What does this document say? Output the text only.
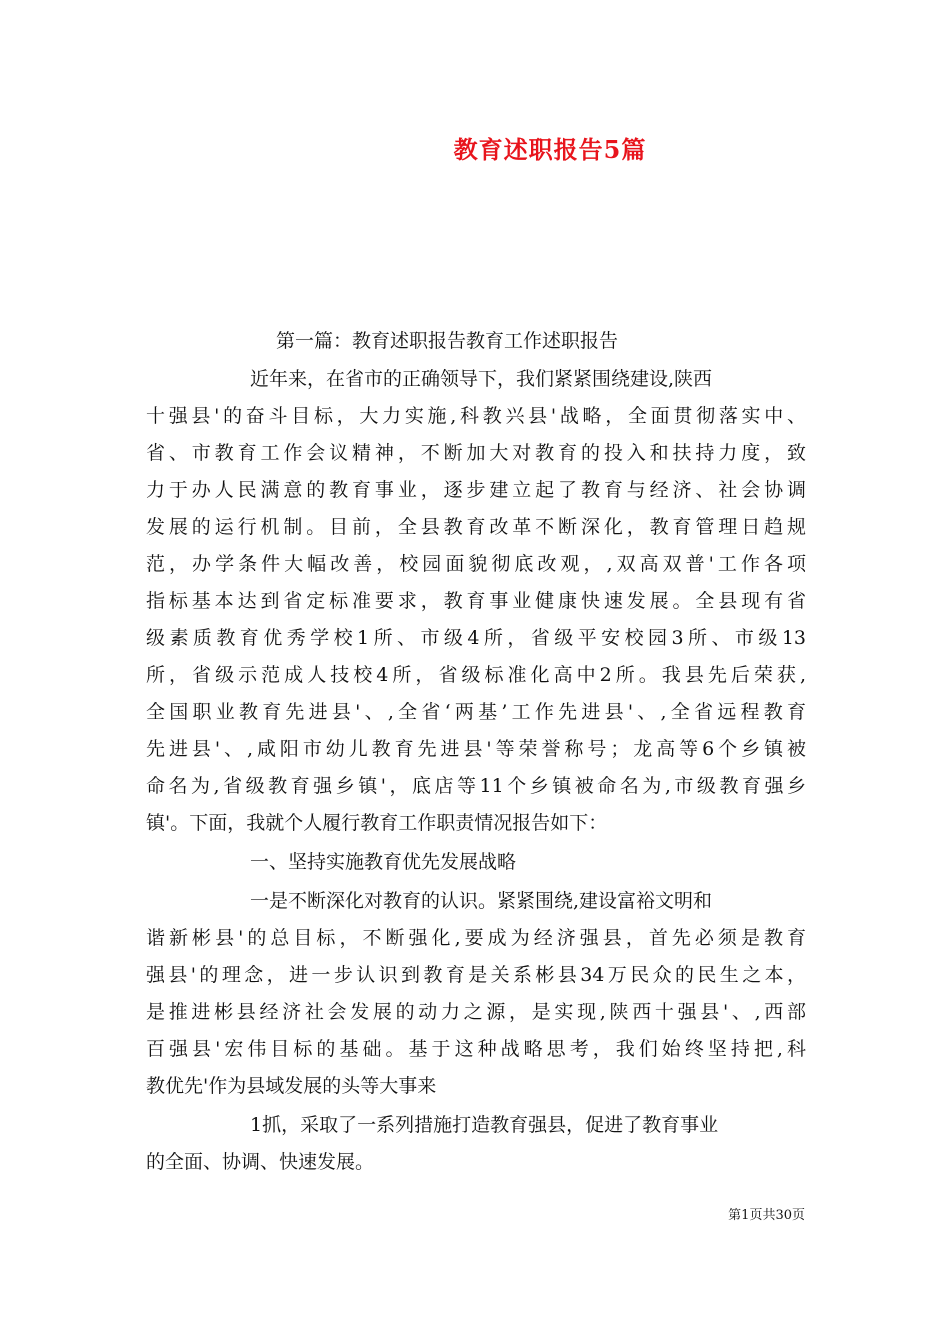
教育述职报告5篇
第一篇：教育述职报告教育工作述职报告
近年来，在省市的正确领导下，我们紧紧围绕建设,陕西
十强县'的奋斗目标，大力实施,科教兴县'战略，全面贯彻落实中、
省、市教育工作会议精神，不断加大对教育的投入和扶持力度，致
力于办人民满意的教育事业，逐步建立起了教育与经济、社会协调
发展的运行机制。目前，全县教育改革不断深化，教育管理日趋规
范，办学条件大幅改善，校园面貌彻底改观，,双高双普'工作各项
指标基本达到省定标准要求，教育事业健康快速发展。全县现有省
级素质教育优秀学校1所、市级4所，省级平安校园3所、市级13
所，省级示范成人技校4所，省级标准化高中2所。我县先后荣获,
全国职业教育先进县'、,全省‘两基’工作先进县'、,全省远程教育
先进县'、,咸阳市幼儿教育先进县'等荣誉称号；龙高等6个乡镇被
命名为,省级教育强乡镇'，底店等11个乡镇被命名为,市级教育强乡
镇'。下面，我就个人履行教育工作职责情况报告如下：
一、坚持实施教育优先发展战略
一是不断深化对教育的认识。紧紧围绕,建设富裕文明和
谐新彬县'的总目标，不断强化,要成为经济强县，首先必须是教育
强县'的理念，进一步认识到教育是关系彬县34万民众的民生之本，
是推进彬县经济社会发展的动力之源，是实现,陕西十强县'、,西部
百强县'宏伟目标的基础。基于这种战略思考，我们始终坚持把,科
教优先'作为县域发展的头等大事来
1抓，采取了一系列措施打造教育强县，促进了教育事业
的全面、协调、快速发展。
第1页共30页
